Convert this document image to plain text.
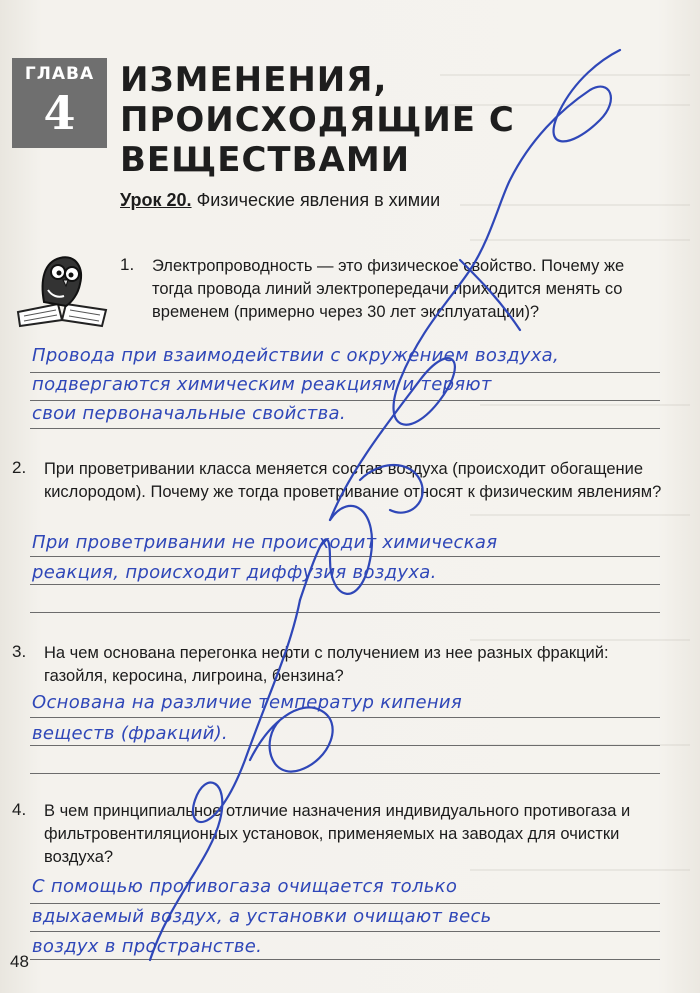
ГЛАВА
4
ИЗМЕНЕНИЯ, ПРОИСХОДЯЩИЕ С ВЕЩЕСТВАМИ
Урок 20. Физические явления в химии
1. Электропроводность — это физическое свойство. Почему же тогда провода линий электропередачи приходится менять со временем (примерно через 30 лет эксплуатации)?

Провода при взаимодействии с окружением воздуха,
подвергаются химическим реакциям и теряют
свои первоначальные свойства.
2. При проветривании класса меняется состав воздуха (происходит обогащение кислородом). Почему же тогда проветривание относят к физическим явлениям?

При проветривании не происходит химическая
реакция, происходит диффузия воздуха.
3. На чем основана перегонка нефти с получением из нее разных фракций: газойля, керосина, лигроина, бензина?

Основана на различие температур кипения
веществ (фракций).
4. В чем принципиальное отличие назначения индивидуального противогаза и фильтровентиляционных установок, применяемых на заводах для очистки воздуха?

С помощью противогаза очищается только
вдыхаемый воздух, а установки очищают весь
воздух в пространстве.
48
